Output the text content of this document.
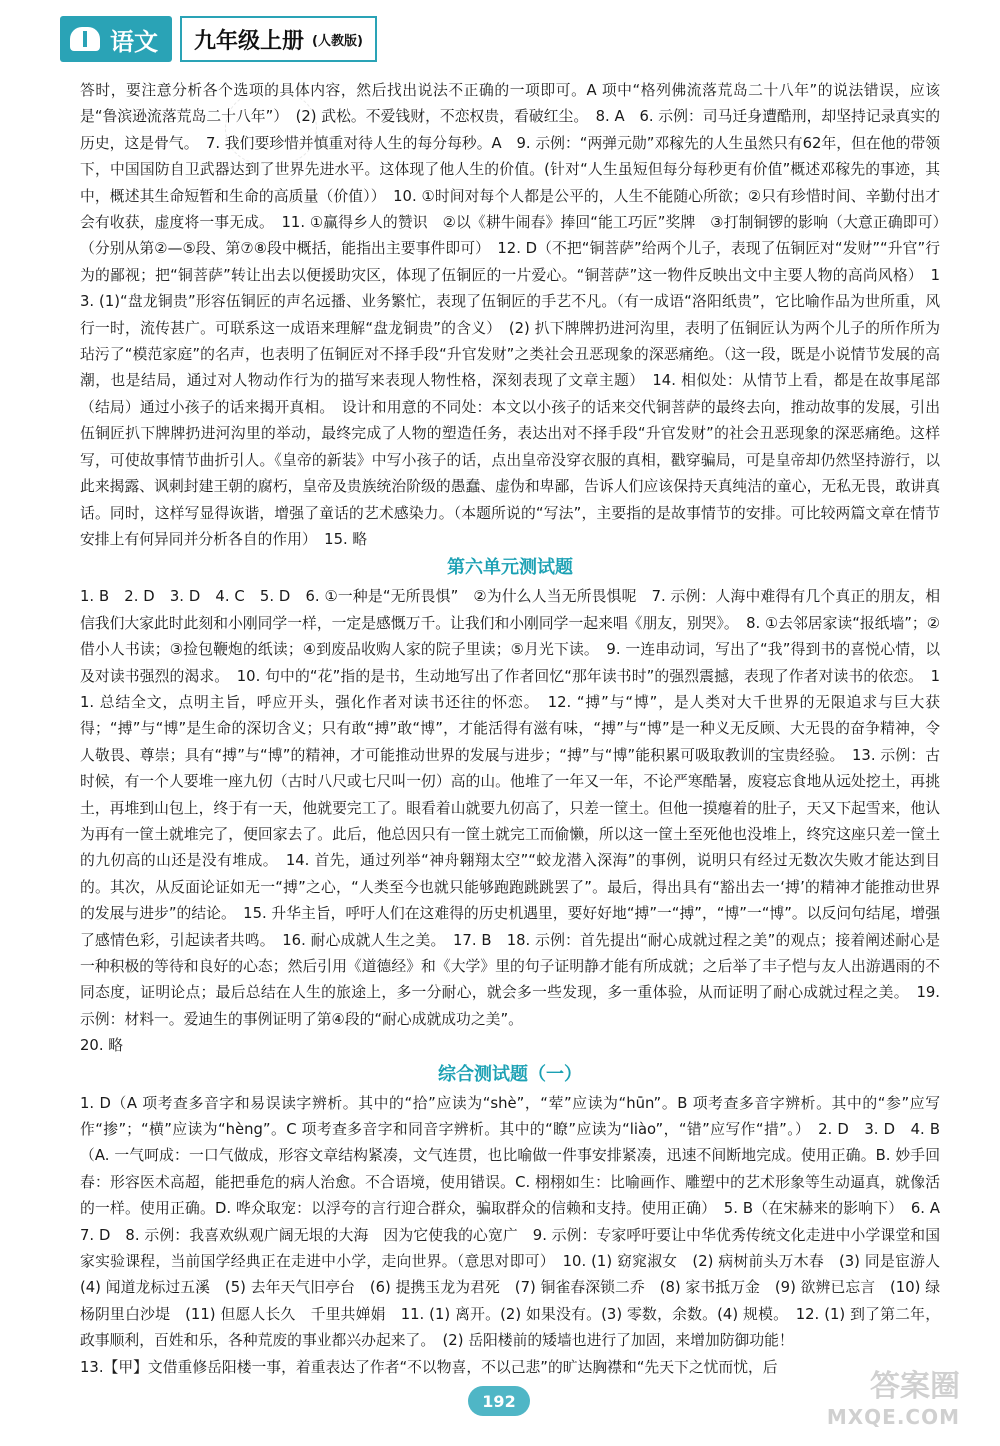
语文 九年级上册 (人教版)

答时，要注意分析各个选项的具体内容，然后找出说法不正确的一项即可。A 项中“格列佛流落荒岛二十八年”的说法错误，应该是“鲁滨逊流落荒岛二十八年”）　(2) 武松。不爱钱财，不恋权贵，看破红尘。　8. A　6. 示例：司马迁身遭酷刑，却坚持记录真实的历史，这是骨气。　7. 我们要珍惜并慎重对待人生的每分每秒。A　9. 示例：“两弹元勋”邓稼先的人生虽然只有62年，但在他的带领下，中国国防自卫武器达到了世界先进水平。这体现了他人生的价值。(针对“人生虽短但每分每秒更有价值”概述邓稼先的事迹，其中，概述其生命短暂和生命的高质量（价值））　10. ①时间对每个人都是公平的，人生不能随心所欲；②只有珍惜时间、辛勤付出才会有收获，虚度将一事无成。　11. ①赢得乡人的赞识　②以《耕牛闹春》捧回“能工巧匠”奖牌　③打制铜锣的影响（大意正确即可）（分别从第②—⑤段、第⑦⑧段中概括，能指出主要事件即可）　12. D（不把“铜菩萨”给两个儿子，表现了伍铜匠对“发财”“升官”行为的鄙视；把“铜菩萨”转让出去以便援助灾区，体现了伍铜匠的一片爱心。“铜菩萨”这一物件反映出文中主要人物的高尚风格）　13. (1)“盘龙铜贵”形容伍铜匠的声名远播、业务繁忙，表现了伍铜匠的手艺不凡。（有一成语“洛阳纸贵”，它比喻作品为世所重，风行一时，流传甚广。可联系这一成语来理解“盘龙铜贵”的含义）　(2) 扒下牌牌扔进河沟里，表明了伍铜匠认为两个儿子的所作所为玷污了“模范家庭”的名声，也表明了伍铜匠对不择手段“升官发财”之类社会丑恶现象的深恶痛绝。（这一段，既是小说情节发展的高潮，也是结局，通过对人物动作行为的描写来表现人物性格，深刻表现了文章主题）　14. 相似处：从情节上看，都是在故事尾部（结局）通过小孩子的话来揭开真相。　设计和用意的不同处：本文以小孩子的话来交代铜菩萨的最终去向，推动故事的发展，引出伍铜匠扒下牌牌扔进河沟里的举动，最终完成了人物的塑造任务，表达出对不择手段“升官发财”的社会丑恶现象的深恶痛绝。这样写，可使故事情节曲折引人。《皇帝的新装》中写小孩子的话，点出皇帝没穿衣服的真相，戳穿骗局，可是皇帝却仍然坚持游行，以此来揭露、讽刺封建王朝的腐朽，皇帝及贵族统治阶级的愚蠢、虚伪和卑鄙，告诉人们应该保持天真纯洁的童心，无私无畏，敢讲真话。同时，这样写显得诙谐，增强了童话的艺术感染力。（本题所说的“写法”，主要指的是故事情节的安排。可比较两篇文章在情节安排上有何异同并分析各自的作用）　15. 略

第六单元测试题

1. B　2. D　3. D　4. C　5. D　6. ①一种是“无所畏惧”　②为什么人当无所畏惧呢　7. 示例：人海中难得有几个真正的朋友，相信我们大家此时此刻和小刚同学一样，一定是感慨万千。让我们和小刚同学一起来唱《朋友，别哭》。　8. ①去邻居家读“报纸墙”；②借小人书读；③捡包鞭炮的纸读；④到废品收购人家的院子里读；⑤月光下读。　9. 一连串动词，写出了“我”得到书的喜悦心情，以及对读书强烈的渴求。　10. 句中的“花”指的是书，生动地写出了作者回忆“那年读书时”的强烈震撼，表现了作者对读书的依恋。　11. 总结全文，点明主旨，呼应开头，强化作者对读书还往的怀恋。　12. “搏”与“博”，是人类对大千世界的无限追求与巨大获得；“搏”与“博”是生命的深切含义；只有敢“搏”敢“博”，才能活得有滋有味，“搏”与“博”是一种义无反顾、大无畏的奋争精神，令人敬畏、尊崇；具有“搏”与“博”的精神，才可能推动世界的发展与进步；“搏”与“博”能积累可吸取教训的宝贵经验。　13. 示例：古时候，有一个人要堆一座九仞（古时八尺或七尺叫一仞）高的山。他堆了一年又一年，不论严寒酷暑，废寝忘食地从远处挖土，再挑土，再堆到山包上，终于有一天，他就要完工了。眼看着山就要九仞高了，只差一筐土。但他一摸瘪着的肚子，天又下起雪来，他认为再有一筐土就堆完了，便回家去了。此后，他总因只有一筐土就完工而偷懒，所以这一筐土至死他也没堆上，终究这座只差一筐土的九仞高的山还是没有堆成。　14. 首先，通过列举“神舟翱翔太空”“蛟龙潜入深海”的事例，说明只有经过无数次失败才能达到目的。其次，从反面论证如无一“搏”之心，“人类至今也就只能够跑跑跳跳罢了”。最后，得出具有“豁出去一‘搏’的精神才能推动世界的发展与进步”的结论。　15. 升华主旨，呼吁人们在这难得的历史机遇里，要好好地“搏”一“搏”，“博”一“博”。以反问句结尾，增强了感情色彩，引起读者共鸣。　16. 耐心成就人生之美。　17. B　18. 示例：首先提出“耐心成就过程之美”的观点；接着阐述耐心是一种积极的等待和良好的心态；然后引用《道德经》和《大学》里的句子证明静才能有所成就；之后举了丰子恺与友人出游遇雨的不同态度，证明论点；最后总结在人生的旅途上，多一分耐心，就会多一些发现，多一重体验，从而证明了耐心成就过程之美。　19. 示例：材料一。爱迪生的事例证明了第④段的“耐心成就成功之美”。

20. 略

综合测试题（一）

1. D（A 项考查多音字和易误读字辨析。其中的“拾”应读为“shè”，“荤”应读为“hūn”。B 项考查多音字辨析。其中的“参”应写作“掺”；“横”应读为“hèng”。C 项考查多音字和同音字辨析。其中的“瞭”应读为“liào”，“错”应写作“措”。）　2. D　3. D　4. B（A. 一气呵成：一口气做成，形容文章结构紧凑，文气连贯，也比喻做一件事安排紧凑，迅速不间断地完成。使用正确。B. 妙手回春：形容医术高超，能把垂危的病人治愈。不合语境，使用错误。C. 栩栩如生：比喻画作、雕塑中的艺术形象等生动逼真，就像活的一样。使用正确。D. 哗众取宠：以浮夸的言行迎合群众，骗取群众的信赖和支持。使用正确）　5. B（在宋赫来的影响下）　6. A　7. D　8. 示例：我喜欢纵观广阔无垠的大海　因为它使我的心宽广　9. 示例：专家呼吁要让中华优秀传统文化走进中小学课堂和国家实验课程，当前国学经典正在走进中小学，走向世界。（意思对即可）　10. (1) 窈窕淑女　(2) 病树前头万木春　(3) 同是宦游人　(4) 闻道龙标过五溪　(5) 去年天气旧亭台　(6) 提携玉龙为君死　(7) 铜雀春深锁二乔　(8) 家书抵万金　(9) 欲辨已忘言　(10) 绿杨阴里白沙堤　(11) 但愿人长久　千里共婵娟　11. (1) 离开。(2) 如果没有。(3) 零数，余数。(4) 规模。　12. (1) 到了第二年，政事顺利，百姓和乐，各种荒废的事业都兴办起来了。　(2) 岳阳楼前的矮墙也进行了加固，来增加防御功能！

13.【甲】文借重修岳阳楼一事，着重表达了作者“不以物喜，不以己悲”的旷达胸襟和“先天下之忧而忧，后

192	答案圈
MXQE.COM
